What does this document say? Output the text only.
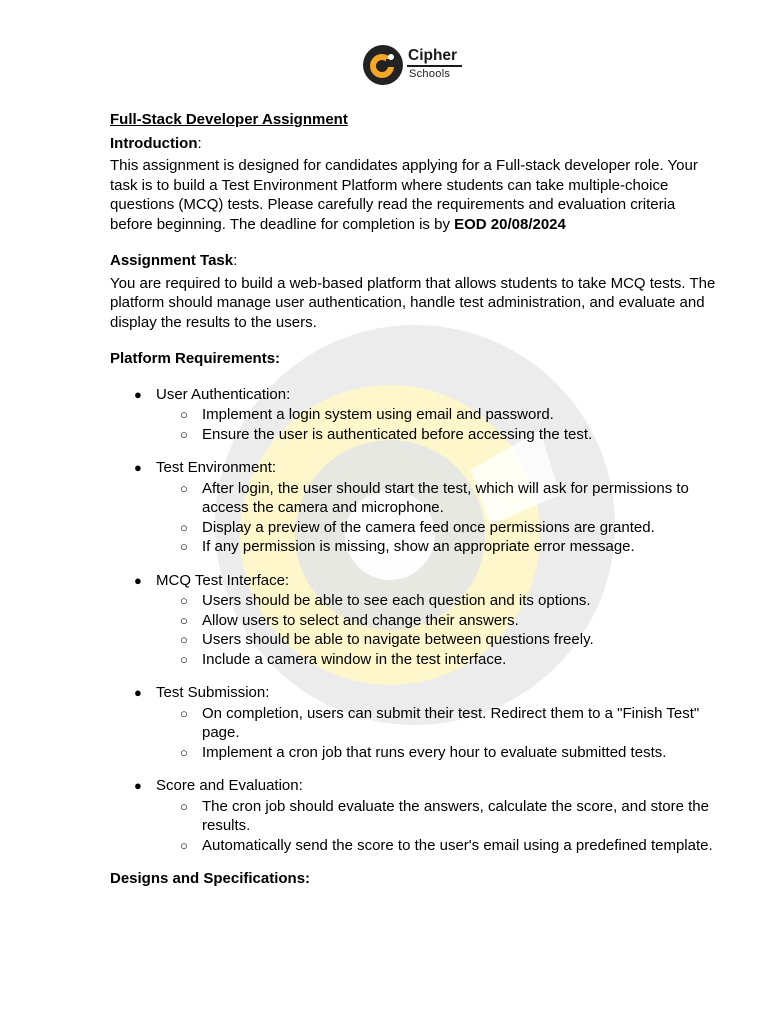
Cipher
Schools

Full-Stack Developer Assignment

Introduction:

This assignment is designed for candidates applying for a Full-stack developer role. Your task is to build a Test Environment Platform where students can take multiple-choice questions (MCQ) tests. Please carefully read the requirements and evaluation criteria before beginning. The deadline for completion is by EOD 20/08/2024

Assignment Task:

You are required to build a web-based platform that allows students to take MCQ tests. The platform should manage user authentication, handle test administration, and evaluate and display the results to the users.

Platform Requirements:

● User Authentication:
○ Implement a login system using email and password.
○ Ensure the user is authenticated before accessing the test.
● Test Environment:
○ After login, the user should start the test, which will ask for permissions to access the camera and microphone.
○ Display a preview of the camera feed once permissions are granted.
○ If any permission is missing, show an appropriate error message.
● MCQ Test Interface:
○ Users should be able to see each question and its options.
○ Allow users to select and change their answers.
○ Users should be able to navigate between questions freely.
○ Include a camera window in the test interface.
● Test Submission:
○ On completion, users can submit their test. Redirect them to a "Finish Test" page.
○ Implement a cron job that runs every hour to evaluate submitted tests.
● Score and Evaluation:
○ The cron job should evaluate the answers, calculate the score, and store the results.
○ Automatically send the score to the user's email using a predefined template.

Designs and Specifications:
